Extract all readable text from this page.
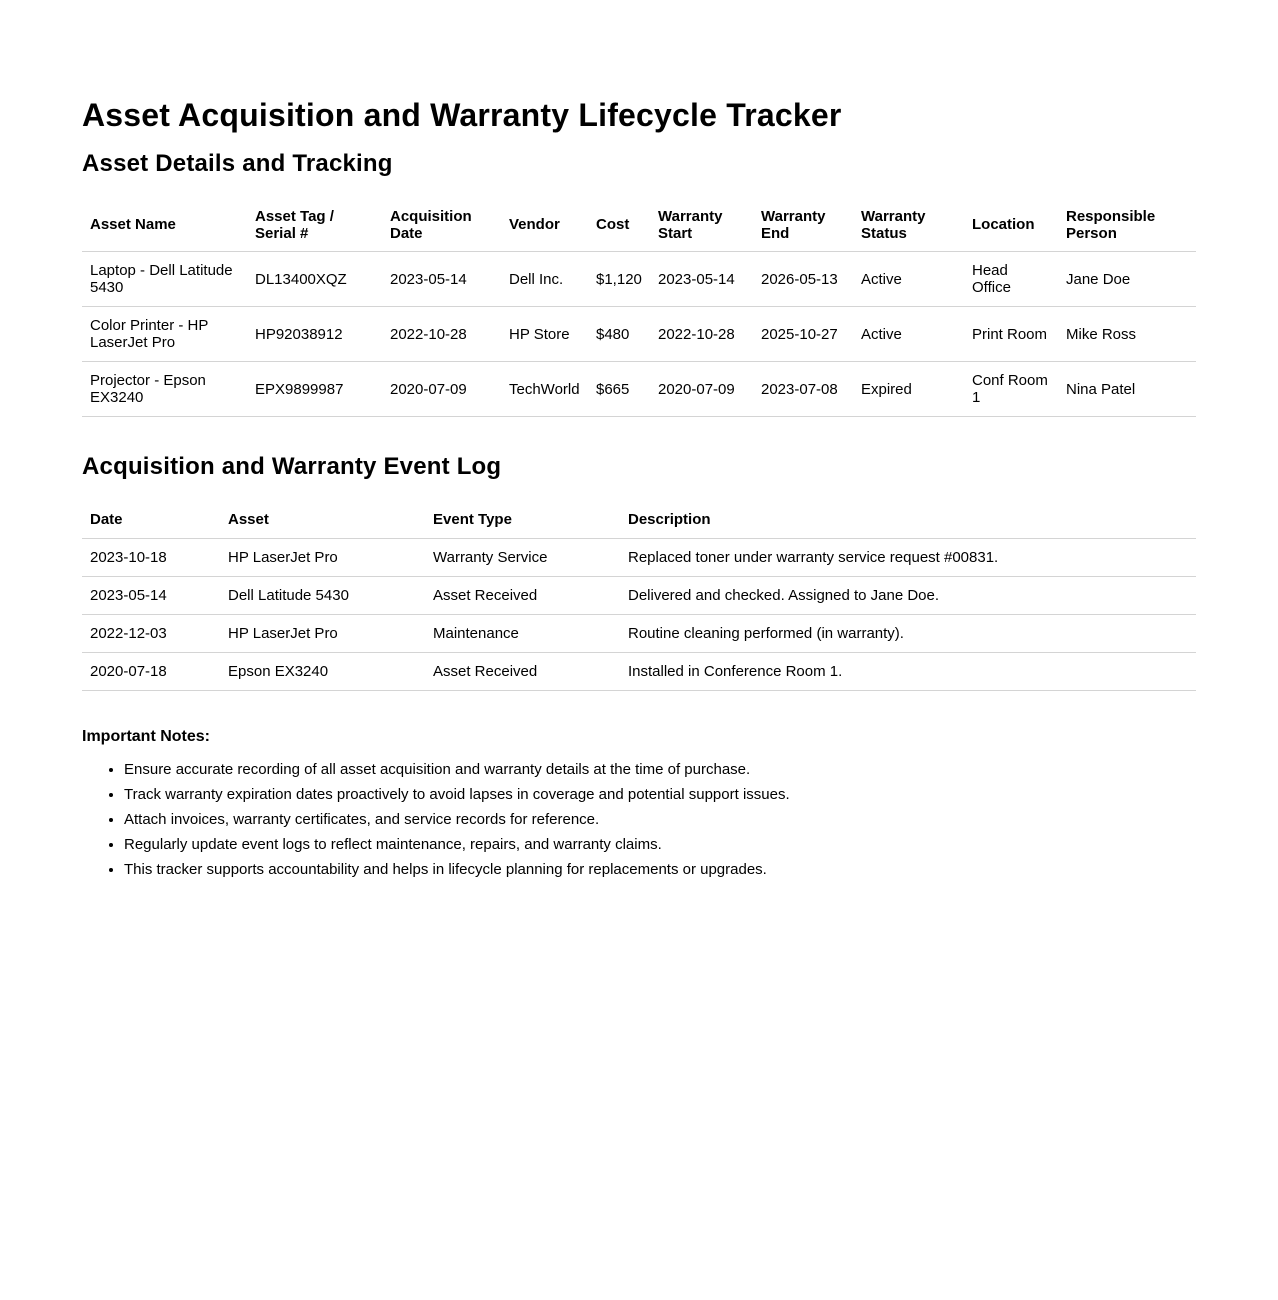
Asset Acquisition and Warranty Lifecycle Tracker
Asset Details and Tracking
Asset Name	Asset Tag / Serial #	Acquisition Date	Vendor	Cost	Warranty Start	Warranty End	Warranty Status	Location	Responsible Person
Laptop - Dell Latitude 5430	DL13400XQZ	2023-05-14	Dell Inc.	$1,120	2023-05-14	2026-05-13	Active	Head Office	Jane Doe
Color Printer - HP LaserJet Pro	HP92038912	2022-10-28	HP Store	$480	2022-10-28	2025-10-27	Active	Print Room	Mike Ross
Projector - Epson EX3240	EPX9899987	2020-07-09	TechWorld	$665	2020-07-09	2023-07-08	Expired	Conf Room 1	Nina Patel
Acquisition and Warranty Event Log
Date	Asset	Event Type	Description
2023-10-18	HP LaserJet Pro	Warranty Service	Replaced toner under warranty service request #00831.
2023-05-14	Dell Latitude 5430	Asset Received	Delivered and checked. Assigned to Jane Doe.
2022-12-03	HP LaserJet Pro	Maintenance	Routine cleaning performed (in warranty).
2020-07-18	Epson EX3240	Asset Received	Installed in Conference Room 1.
Important Notes:
• Ensure accurate recording of all asset acquisition and warranty details at the time of purchase.
• Track warranty expiration dates proactively to avoid lapses in coverage and potential support issues.
• Attach invoices, warranty certificates, and service records for reference.
• Regularly update event logs to reflect maintenance, repairs, and warranty claims.
• This tracker supports accountability and helps in lifecycle planning for replacements or upgrades.
